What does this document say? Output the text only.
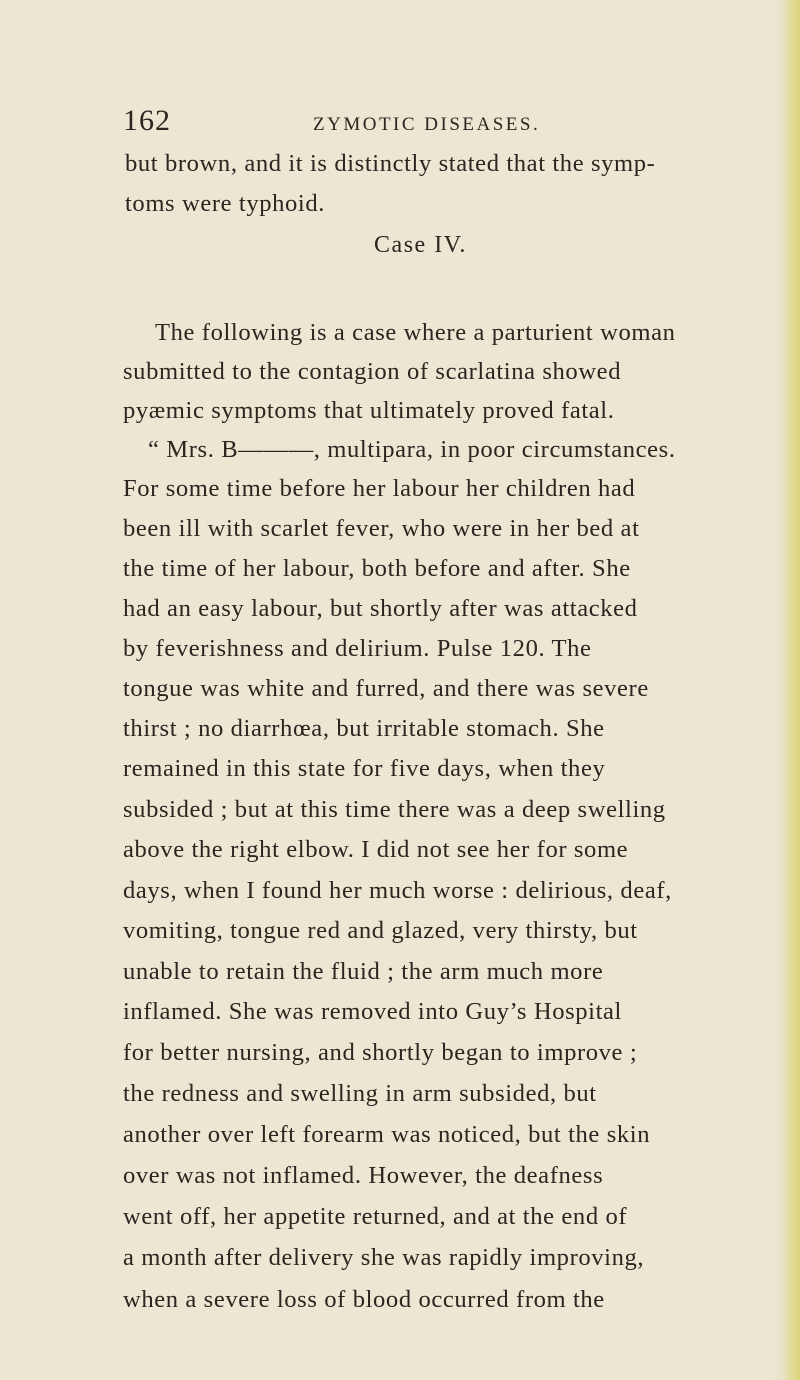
162	ZYMOTIC DISEASES.
but brown, and it is distinctly stated that the symp-
toms were typhoid.
Case IV.
The following is a case where a parturient woman
submitted to the contagion of scarlatina showed
pyæmic symptoms that ultimately proved fatal.
“ Mrs. B———, multipara, in poor circumstances.
For some time before her labour her children had
been ill with scarlet fever, who were in her bed at
the time of her labour, both before and after. She
had an easy labour, but shortly after was attacked
by feverishness and delirium. Pulse 120. The
tongue was white and furred, and there was severe
thirst ; no diarrhœa, but irritable stomach. She
remained in this state for five days, when they
subsided ; but at this time there was a deep swelling
above the right elbow. I did not see her for some
days, when I found her much worse : delirious, deaf,
vomiting, tongue red and glazed, very thirsty, but
unable to retain the fluid ; the arm much more
inflamed. She was removed into Guy’s Hospital
for better nursing, and shortly began to improve ;
the redness and swelling in arm subsided, but
another over left forearm was noticed, but the skin
over was not inflamed. However, the deafness
went off, her appetite returned, and at the end of
a month after delivery she was rapidly improving,
when a severe loss of blood occurred from the
